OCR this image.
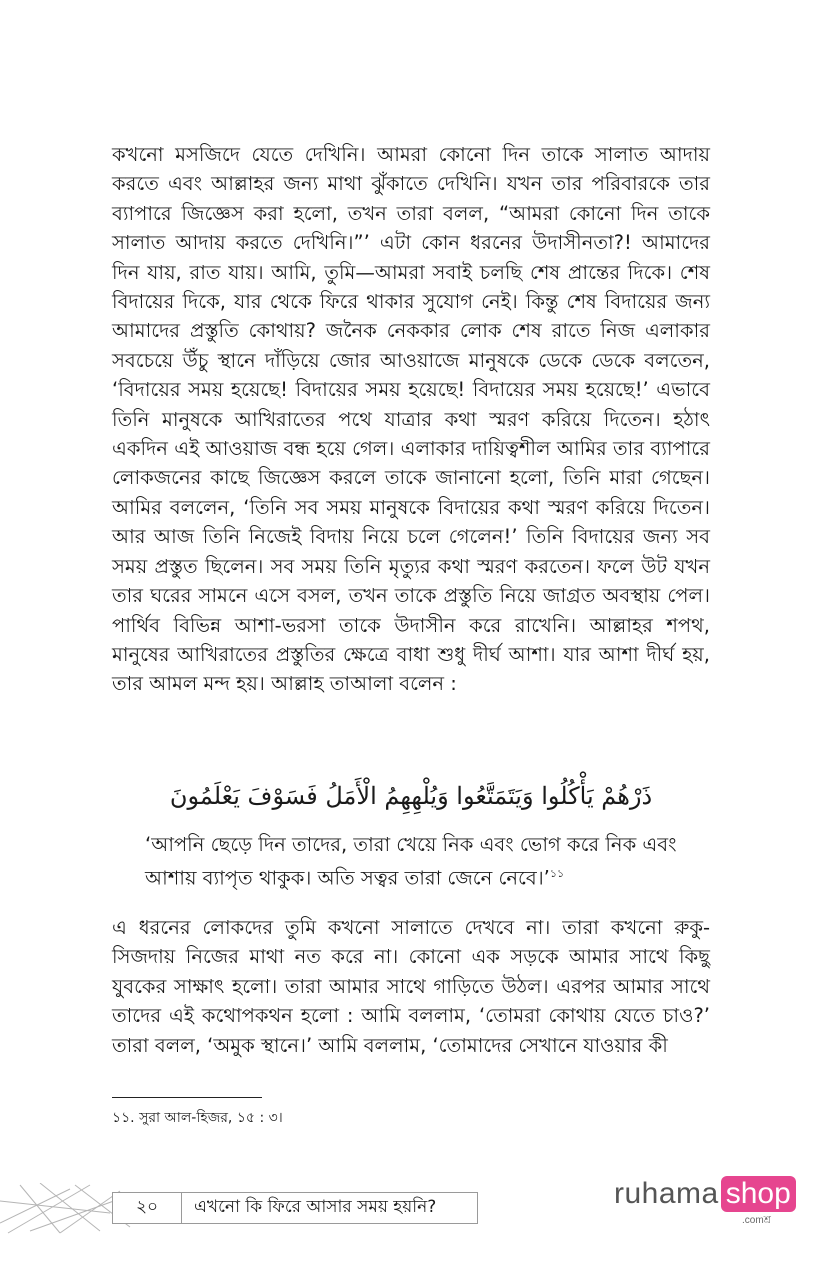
কখনো মসজিদে যেতে দেখিনি। আমরা কোনো দিন তাকে সালাত আদায় করতে এবং আল্লাহর জন্য মাথা ঝুঁকাতে দেখিনি। যখন তার পরিবারকে তার ব্যাপারে জিজ্ঞেস করা হলো, তখন তারা বলল, “আমরা কোনো দিন তাকে সালাত আদায় করতে দেখিনি।”’ এটা কোন ধরনের উদাসীনতা?! আমাদের দিন যায়, রাত যায়। আমি, তুমি—আমরা সবাই চলছি শেষ প্রান্তের দিকে। শেষ বিদায়ের দিকে, যার থেকে ফিরে থাকার সুযোগ নেই। কিন্তু শেষ বিদায়ের জন্য আমাদের প্রস্তুতি কোথায়? জনৈক নেককার লোক শেষ রাতে নিজ এলাকার সবচেয়ে উঁচু স্থানে দাঁড়িয়ে জোর আওয়াজে মানুষকে ডেকে ডেকে বলতেন, ‘বিদায়ের সময় হয়েছে! বিদায়ের সময় হয়েছে! বিদায়ের সময় হয়েছে!’ এভাবে তিনি মানুষকে আখিরাতের পথে যাত্রার কথা স্মরণ করিয়ে দিতেন। হঠাৎ একদিন এই আওয়াজ বন্ধ হয়ে গেল। এলাকার দায়িত্বশীল আমির তার ব্যাপারে লোকজনের কাছে জিজ্ঞেস করলে তাকে জানানো হলো, তিনি মারা গেছেন। আমির বললেন, ‘তিনি সব সময় মানুষকে বিদায়ের কথা স্মরণ করিয়ে দিতেন। আর আজ তিনি নিজেই বিদায় নিয়ে চলে গেলেন!’ তিনি বিদায়ের জন্য সব সময় প্রস্তুত ছিলেন। সব সময় তিনি মৃত্যুর কথা স্মরণ করতেন। ফলে উট যখন তার ঘরের সামনে এসে বসল, তখন তাকে প্রস্তুতি নিয়ে জাগ্রত অবস্থায় পেল। পার্থিব বিভিন্ন আশা-ভরসা তাকে উদাসীন করে রাখেনি। আল্লাহর শপথ, মানুষের আখিরাতের প্রস্তুতির ক্ষেত্রে বাধা শুধু দীর্ঘ আশা। যার আশা দীর্ঘ হয়, তার আমল মন্দ হয়। আল্লাহ তাআলা বলেন :

ذَرْهُمْ يَأْكُلُوا وَيَتَمَتَّعُوا وَيُلْهِهِمُ الْأَمَلُ فَسَوْفَ يَعْلَمُونَ

‘আপনি ছেড়ে দিন তাদের, তারা খেয়ে নিক এবং ভোগ করে নিক এবং আশায় ব্যাপৃত থাকুক। অতি সত্বর তারা জেনে নেবে।’$^{১১}$

এ ধরনের লোকদের তুমি কখনো সালাতে দেখবে না। তারা কখনো রুকু-সিজদায় নিজের মাথা নত করে না। কোনো এক সড়কে আমার সাথে কিছু যুবকের সাক্ষাৎ হলো। তারা আমার সাথে গাড়িতে উঠল। এরপর আমার সাথে তাদের এই কথোপকথন হলো : আমি বললাম, ‘তোমরা কোথায় যেতে চাও?’ তারা বলল, ‘অমুক স্থানে।’ আমি বললাম, ‘তোমাদের সেখানে যাওয়ার কী

১১. সুরা আল-হিজর, ১৫ : ৩।

২০	এখনো কি ফিরে আসার সময় হয়নি?	ruhama shop
.comশ্র
